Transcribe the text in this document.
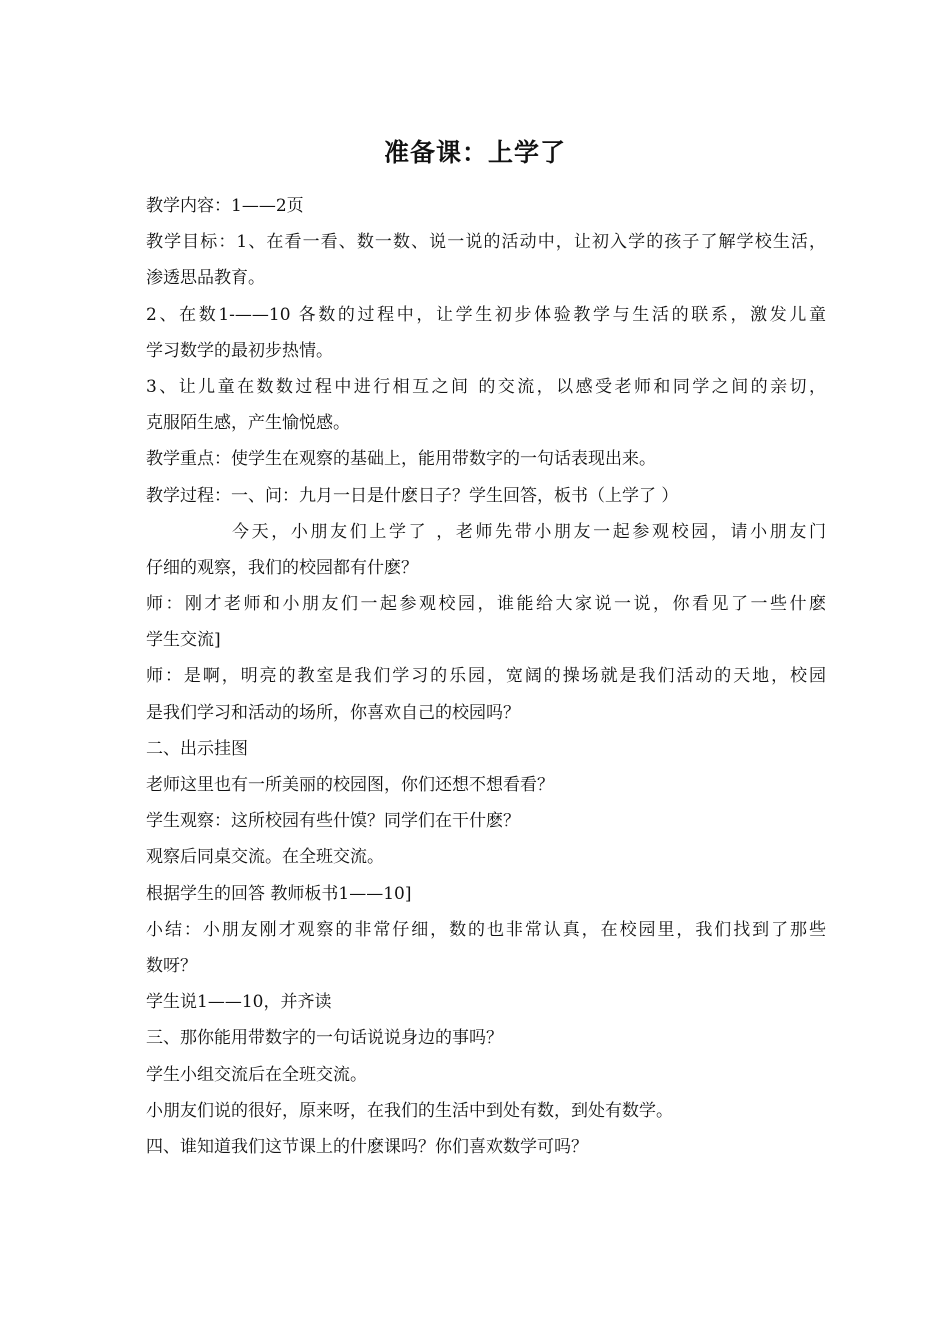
准备课：上学了
教学内容：1——2页
教学目标：1、在看一看、数一数、说一说的活动中，让初入学的孩子了解学校生活，
渗透思品教育。
2、在数1-——10 各数的过程中，让学生初步体验教学与生活的联系，激发儿童
学习数学的最初步热情。
3、让儿童在数数过程中进行相互之间 的交流，以感受老师和同学之间的亲切，
克服陌生感，产生愉悦感。
教学重点：使学生在观察的基础上，能用带数字的一句话表现出来。
教学过程：一、问：九月一日是什麽日子？学生回答，板书（上学了 ）
今天，小朋友们上学了 ，老师先带小朋友一起参观校园，请小朋友门
仔细的观察，我们的校园都有什麽？
师：刚才老师和小朋友们一起参观校园，谁能给大家说一说，你看见了一些什麽
学生交流]
师：是啊，明亮的教室是我们学习的乐园，宽阔的操场就是我们活动的天地，校园
是我们学习和活动的场所，你喜欢自己的校园吗？
二、出示挂图
老师这里也有一所美丽的校园图，你们还想不想看看？
学生观察：这所校园有些什馍？同学们在干什麽？
观察后同桌交流。在全班交流。
根据学生的回答 教师板书1——10]
小结：小朋友刚才观察的非常仔细，数的也非常认真，在校园里，我们找到了那些
数呀？
学生说1——10，并齐读
三、那你能用带数字的一句话说说身边的事吗？
学生小组交流后在全班交流。
小朋友们说的很好，原来呀，在我们的生活中到处有数，到处有数学。
四、谁知道我们这节课上的什麽课吗？你们喜欢数学可吗？
